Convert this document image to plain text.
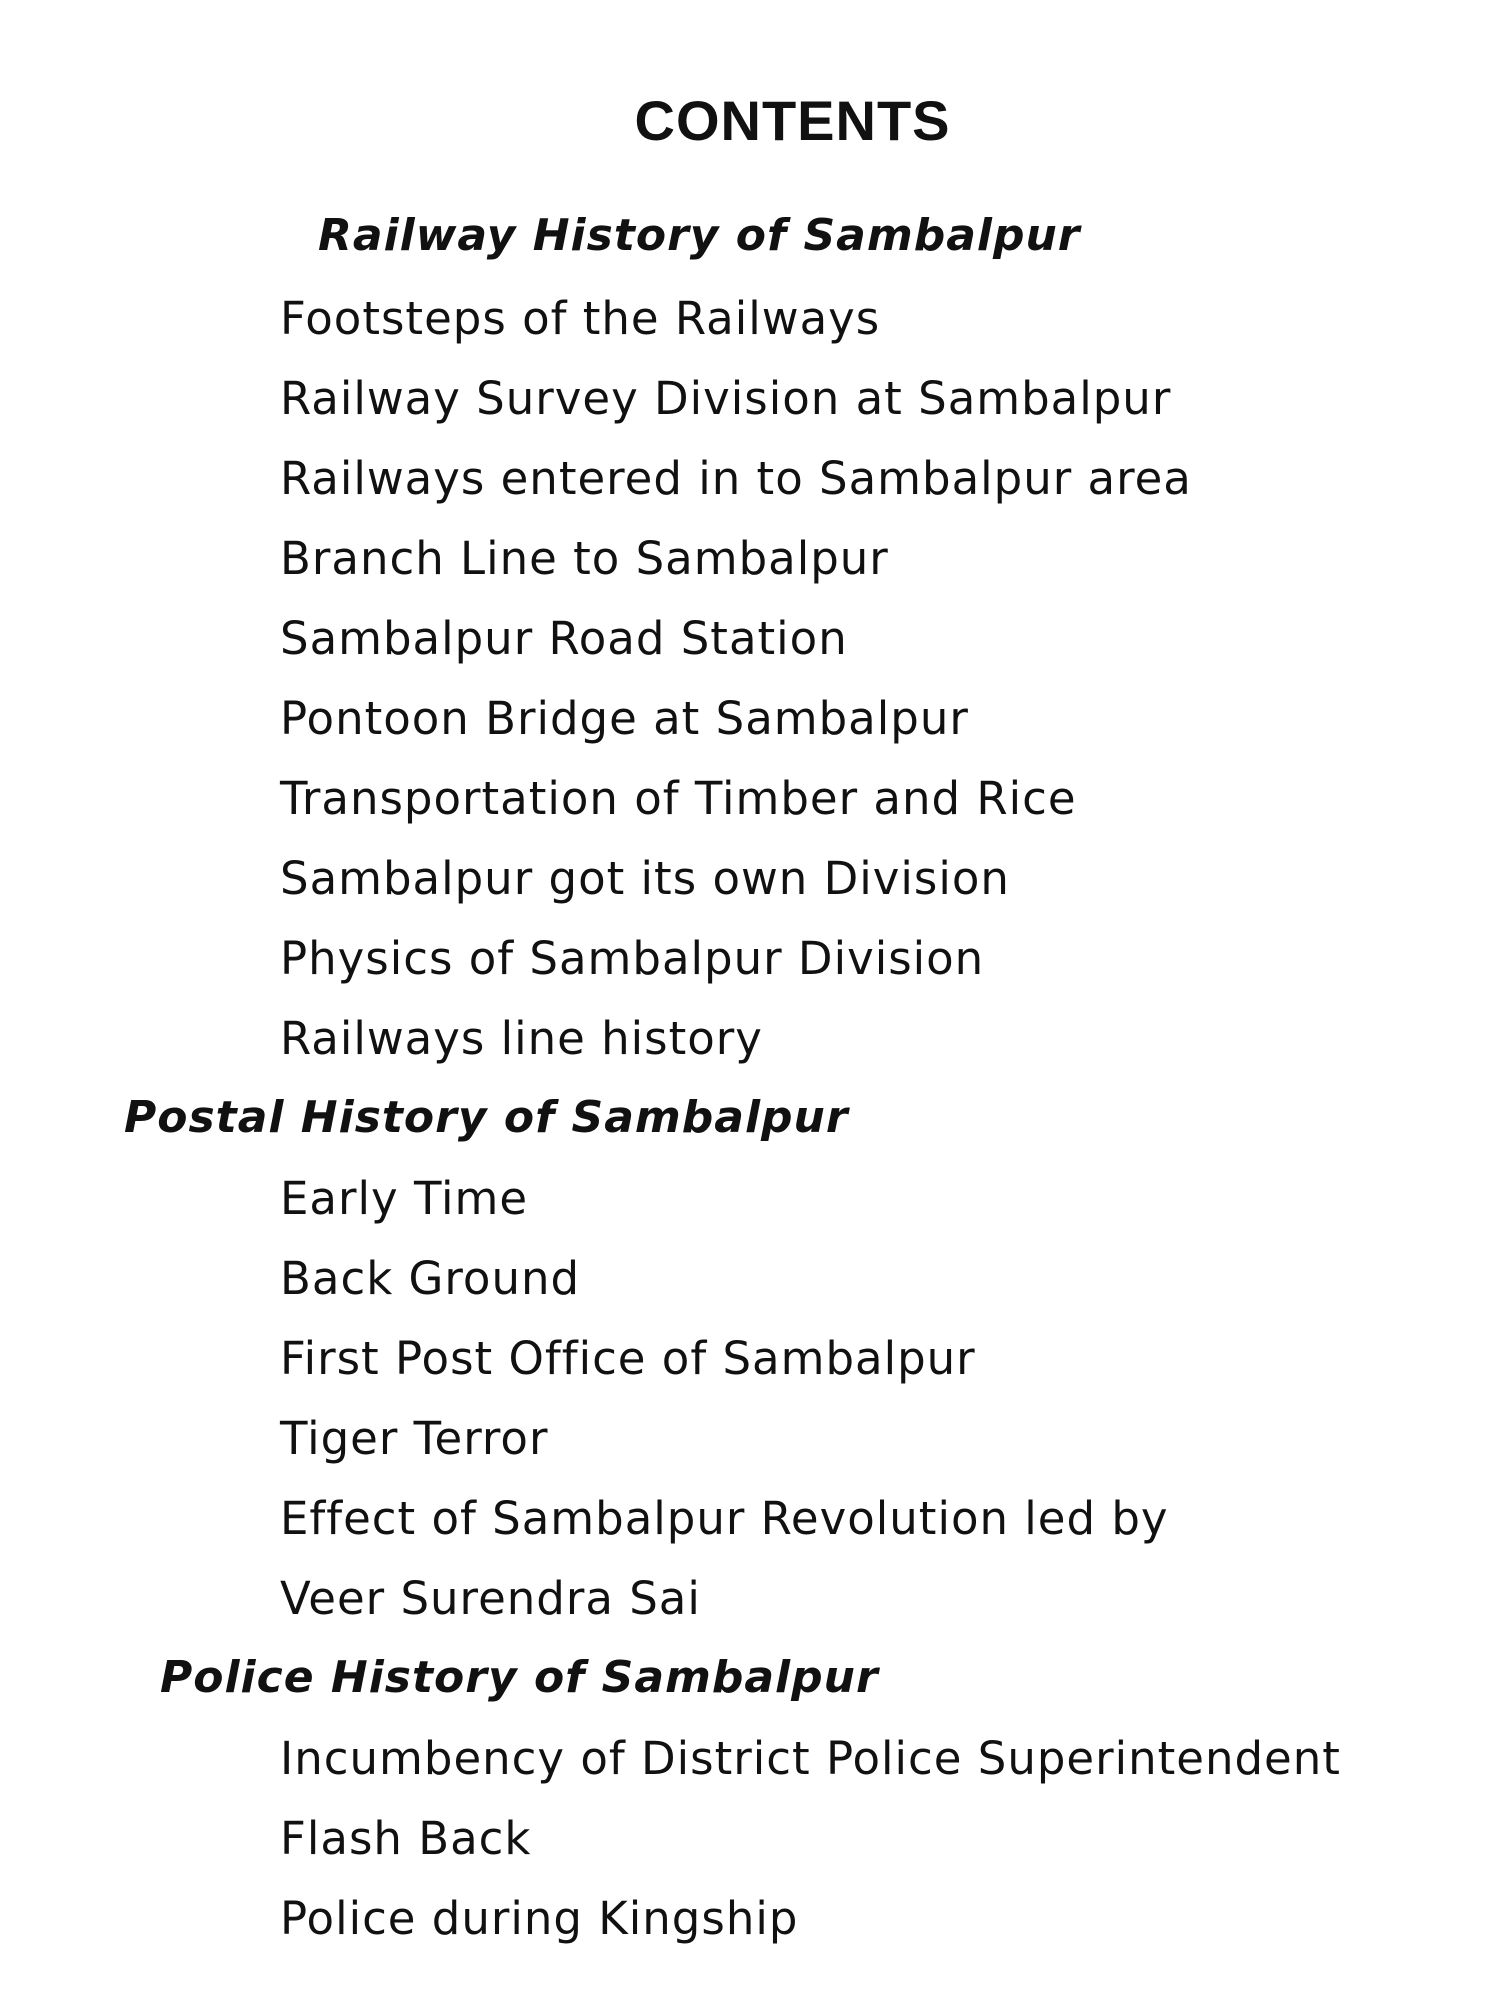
CONTENTS
Railway History of Sambalpur
Footsteps of the Railways
Railway Survey Division at Sambalpur
Railways entered in to Sambalpur area
Branch Line to Sambalpur
Sambalpur Road Station
Pontoon Bridge at Sambalpur
Transportation of Timber and Rice
Sambalpur got its own Division
Physics of Sambalpur Division
Railways line history
Postal History of Sambalpur
Early Time
Back Ground
First Post Office of Sambalpur
Tiger Terror
Effect of Sambalpur Revolution led by
Veer Surendra Sai
Police History of Sambalpur
Incumbency of District Police Superintendent
Flash Back
Police during Kingship
